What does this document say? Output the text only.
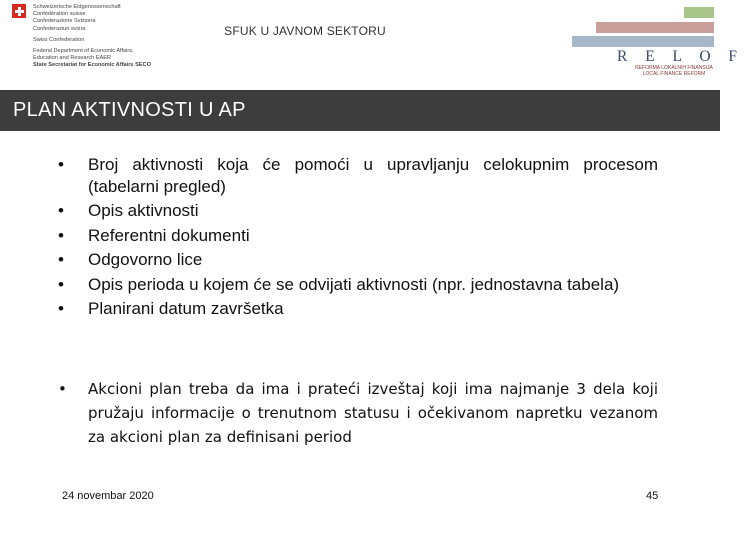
Schweizerische Eidgenossenschaft
Confédération suisse
Confederazione Svizzera
Confederaziun svizra
Swiss Confederation
Federal Department of Economic Affairs,
Education and Research EAER
State Secretariat for Economic Affairs SECO
SFUK U JAVNOM SEKTORU
R E L O F
REFORMA LOKALNIH FINANSIJA
LOCAL FINANCE REFORM
PLAN AKTIVNOSTI U AP
•	Broj aktivnosti koja će pomoći u upravljanju celokupnim procesom (tabelarni pregled)
•	Opis aktivnosti
•	Referentni dokumenti
•	Odgovorno lice
•	Opis perioda u kojem će se odvijati aktivnosti (npr. jednostavna tabela)
•	Planirani datum završetka
•	Akcioni plan treba da ima i prateći izveštaj koji ima najmanje 3 dela koji pružaju informacije o trenutnom statusu i očekivanom napretku vezanom za akcioni plan za definisani period
24 novembar 2020	45
